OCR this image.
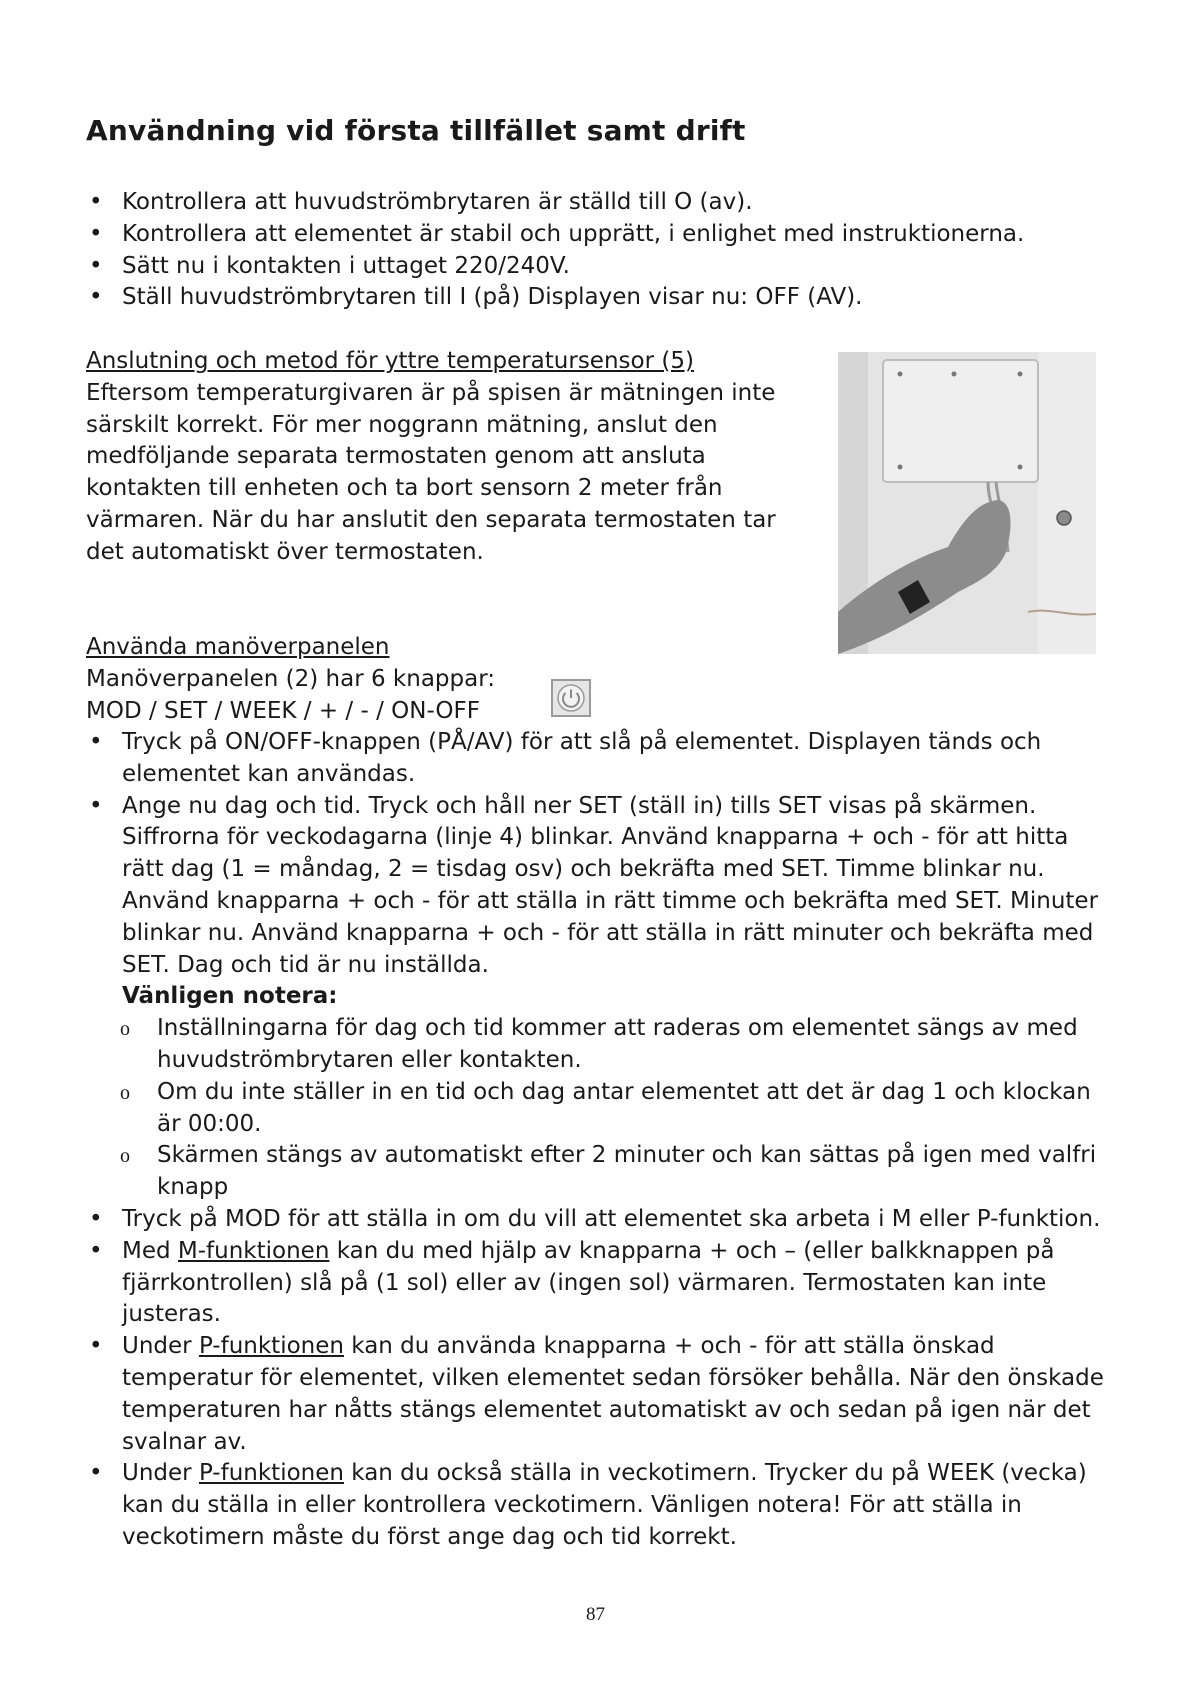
Användning vid första tillfället samt drift
• Kontrollera att huvudströmbrytaren är ställd till O (av).
• Kontrollera att elementet är stabil och upprätt, i enlighet med instruktionerna.
• Sätt nu i kontakten i uttaget 220/240V.
• Ställ huvudströmbrytaren till I (på) Displayen visar nu: OFF (AV).
Anslutning och metod för yttre temperatursensor (5)
Eftersom temperaturgivaren är på spisen är mätningen inte
särskilt korrekt. För mer noggrann mätning, anslut den
medföljande separata termostaten genom att ansluta
kontakten till enheten och ta bort sensorn 2 meter från
värmaren. När du har anslutit den separata termostaten tar
det automatiskt över termostaten.
Använda manöverpanelen
Manöverpanelen (2) har 6 knappar:
MOD / SET / WEEK / + / - / ON-OFF
• Tryck på ON/OFF-knappen (PÅ/AV) för att slå på elementet. Displayen tänds och elementet kan användas.
• Ange nu dag och tid. Tryck och håll ner SET (ställ in) tills SET visas på skärmen. Siffrorna för veckodagarna (linje 4) blinkar. Använd knapparna + och - för att hitta rätt dag (1 = måndag, 2 = tisdag osv) och bekräfta med SET. Timme blinkar nu. Använd knapparna + och - för att ställa in rätt timme och bekräfta med SET. Minuter blinkar nu. Använd knapparna + och - för att ställa in rätt minuter och bekräfta med SET. Dag och tid är nu inställda.
Vänligen notera:
o Inställningarna för dag och tid kommer att raderas om elementet sängs av med huvudströmbrytaren eller kontakten.
o Om du inte ställer in en tid och dag antar elementet att det är dag 1 och klockan är 00:00.
o Skärmen stängs av automatiskt efter 2 minuter och kan sättas på igen med valfri knapp
• Tryck på MOD för att ställa in om du vill att elementet ska arbeta i M eller P-funktion.
• Med M-funktionen kan du med hjälp av knapparna + och – (eller balkknappen på fjärrkontrollen) slå på (1 sol) eller av (ingen sol) värmaren. Termostaten kan inte justeras.
• Under P-funktionen kan du använda knapparna + och - för att ställa önskad temperatur för elementet, vilken elementet sedan försöker behålla. När den önskade temperaturen har nåtts stängs elementet automatiskt av och sedan på igen när det svalnar av.
• Under P-funktionen kan du också ställa in veckotimern. Trycker du på WEEK (vecka) kan du ställa in eller kontrollera veckotimern. Vänligen notera! För att ställa in veckotimern måste du först ange dag och tid korrekt.
87
